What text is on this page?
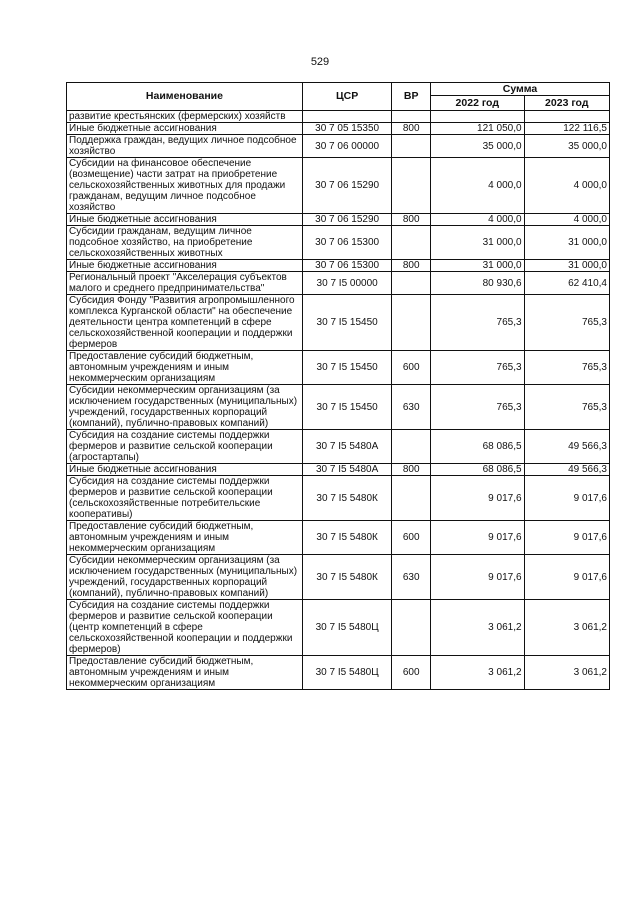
529
Наименование	ЦСР	ВР	Сумма	
			2022 год	2023 год
развитие крестьянских (фермерских) хозяйств				
Иные бюджетные ассигнования	30 7 05 15350	800	121 050,0	122 116,5
Поддержка граждан, ведущих личное подсобное хозяйство	30 7 06 00000		35 000,0	35 000,0
Субсидии на финансовое обеспечение (возмещение) части затрат на приобретение сельскохозяйственных животных для продажи гражданам, ведущим личное подсобное хозяйство	30 7 06 15290		4 000,0	4 000,0
Иные бюджетные ассигнования	30 7 06 15290	800	4 000,0	4 000,0
Субсидии гражданам, ведущим личное подсобное хозяйство, на приобретение сельскохозяйственных животных	30 7 06 15300		31 000,0	31 000,0
Иные бюджетные ассигнования	30 7 06 15300	800	31 000,0	31 000,0
Региональный проект "Акселерация субъектов малого и среднего предпринимательства"	30 7 I5 00000		80 930,6	62 410,4
Субсидия Фонду "Развития агропромышленного комплекса Курганской области" на обеспечение деятельности центра компетенций в сфере сельскохозяйственной кооперации и поддержки фермеров	30 7 I5 15450		765,3	765,3
Предоставление субсидий бюджетным, автономным учреждениям и иным некоммерческим организациям	30 7 I5 15450	600	765,3	765,3
Субсидии некоммерческим организациям (за исключением государственных (муниципальных) учреждений, государственных корпораций (компаний), публично-правовых компаний)	30 7 I5 15450	630	765,3	765,3
Субсидия на создание системы поддержки фермеров и развитие сельской кооперации (агростартапы)	30 7 I5 5480А		68 086,5	49 566,3
Иные бюджетные ассигнования	30 7 I5 5480А	800	68 086,5	49 566,3
Субсидия на создание системы поддержки фермеров и развитие сельской кооперации (сельскохозяйственные потребительские кооперативы)	30 7 I5 5480К		9 017,6	9 017,6
Предоставление субсидий бюджетным, автономным учреждениям и иным некоммерческим организациям	30 7 I5 5480К	600	9 017,6	9 017,6
Субсидии некоммерческим организациям (за исключением государственных (муниципальных) учреждений, государственных корпораций (компаний), публично-правовых компаний)	30 7 I5 5480К	630	9 017,6	9 017,6
Субсидия на создание системы поддержки фермеров и развитие сельской кооперации (центр компетенций в сфере сельскохозяйственной кооперации и поддержки фермеров)	30 7 I5 5480Ц		3 061,2	3 061,2
Предоставление субсидий бюджетным, автономным учреждениям и иным некоммерческим организациям	30 7 I5 5480Ц	600	3 061,2	3 061,2
